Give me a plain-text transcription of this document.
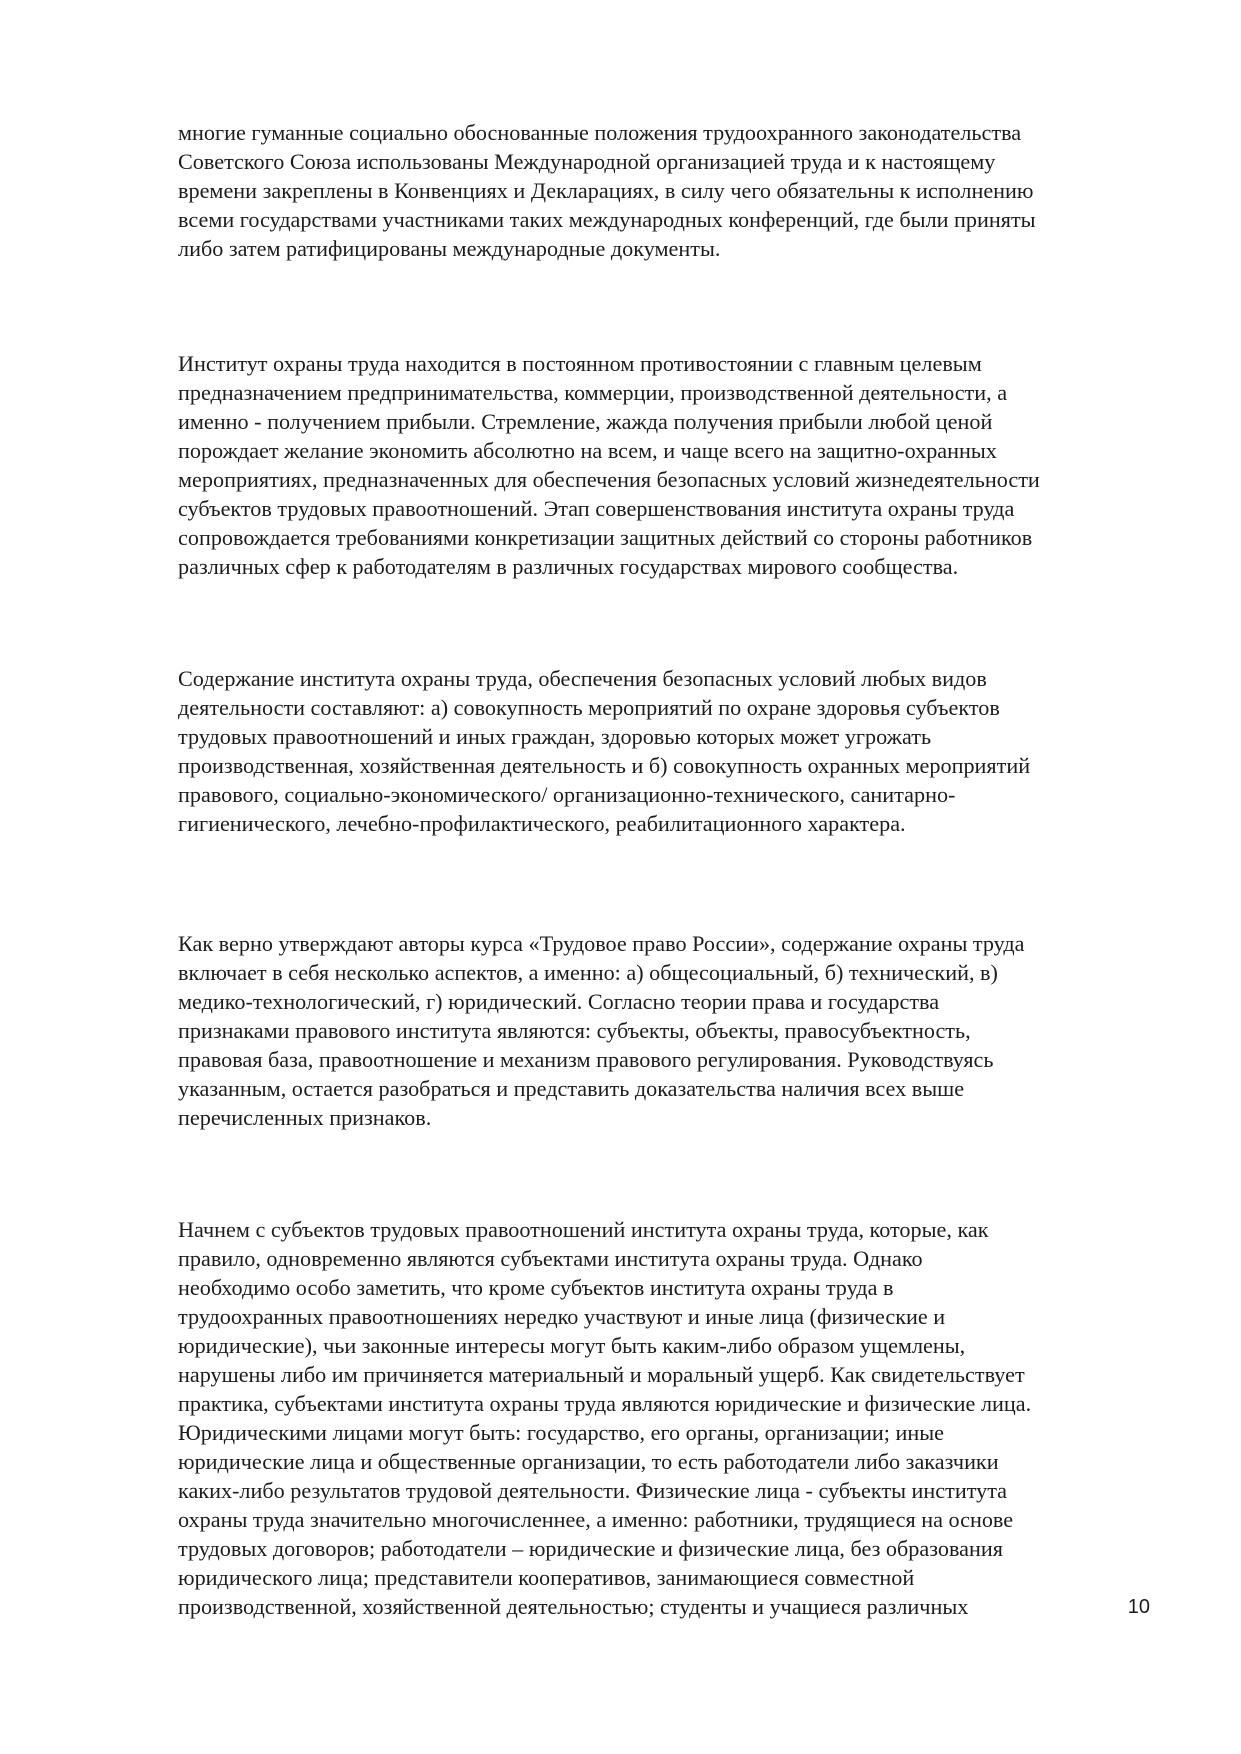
многие гуманные социально обоснованные положения трудоохранного законодательства
Советского Союза использованы Международной организацией труда и к настоящему
времени закреплены в Конвенциях и Декларациях, в силу чего обязательны к исполнению
всеми государствами участниками таких международных конференций, где были приняты
либо затем ратифицированы международные документы.

Институт охраны труда находится в постоянном противостоянии с главным целевым
предназначением предпринимательства, коммерции, производственной деятельности, а
именно - получением прибыли. Стремление, жажда получения прибыли любой ценой
порождает желание экономить абсолютно на всем, и чаще всего на защитно-охранных
мероприятиях, предназначенных для обеспечения безопасных условий жизнедеятельности
субъектов трудовых правоотношений. Этап совершенствования института охраны труда
сопровождается требованиями конкретизации защитных действий со стороны работников
различных сфер к работодателям в различных государствах мирового сообщества.

Содержание института охраны труда, обеспечения безопасных условий любых видов
деятельности составляют: а) совокупность мероприятий по охране здоровья субъектов
трудовых правоотношений и иных граждан, здоровью которых может угрожать
производственная, хозяйственная деятельность и б) совокупность охранных мероприятий
правового, социально-экономического/ организационно-технического, санитарно-
гигиенического, лечебно-профилактического, реабилитационного характера.

Как верно утверждают авторы курса «Трудовое право России», содержание охраны труда
включает в себя несколько аспектов, а именно: а) общесоциальный, б) технический, в)
медико-технологический, г) юридический. Согласно теории права и государства
признаками правового института являются: субъекты, объекты, правосубъектность,
правовая база, правоотношение и механизм правового регулирования. Руководствуясь
указанным, остается разобраться и представить доказательства наличия всех выше
перечисленных признаков.

Начнем с субъектов трудовых правоотношений института охраны труда, которые, как
правило, одновременно являются субъектами института охраны труда. Однако
необходимо особо заметить, что кроме субъектов института охраны труда в
трудоохранных правоотношениях нередко участвуют и иные лица (физические и
юридические), чьи законные интересы могут быть каким-либо образом ущемлены,
нарушены либо им причиняется материальный и моральный ущерб. Как свидетельствует
практика, субъектами института охраны труда являются юридические и физические лица.
Юридическими лицами могут быть: государство, его органы, организации; иные
юридические лица и общественные организации, то есть работодатели либо заказчики
каких-либо результатов трудовой деятельности. Физические лица - субъекты института
охраны труда значительно многочисленнее, а именно: работники, трудящиеся на основе
трудовых договоров; работодатели – юридические и физические лица, без образования
юридического лица; представители кооперативов, занимающиеся совместной
производственной, хозяйственной деятельностью; студенты и учащиеся различных	10
